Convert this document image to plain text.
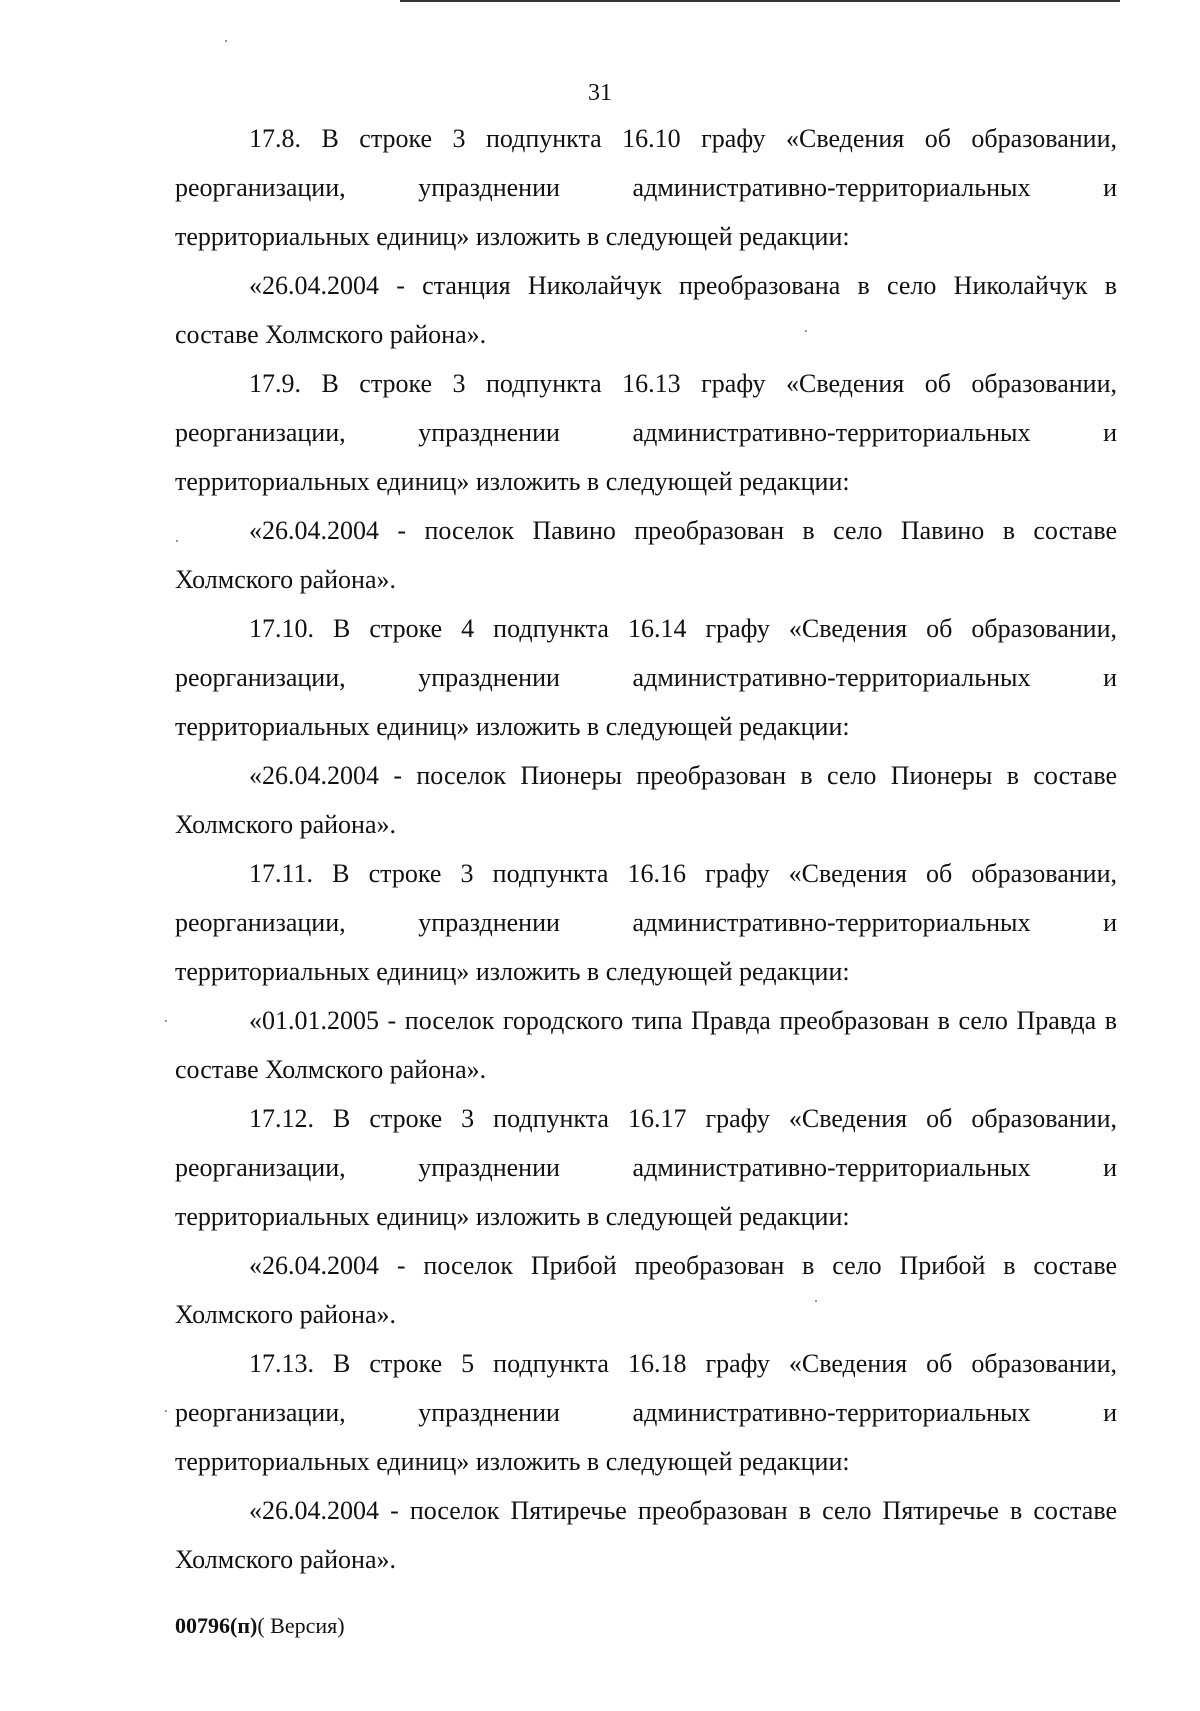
31

17.8. В строке 3 подпункта 16.10 графу «Сведения об образовании, реорганизации, упразднении административно-территориальных и территориальных единиц» изложить в следующей редакции:

«26.04.2004 - станция Николайчук преобразована в село Николайчук в составе Холмского района».

17.9. В строке 3 подпункта 16.13 графу «Сведения об образовании, реорганизации, упразднении административно-территориальных и территориальных единиц» изложить в следующей редакции:

«26.04.2004 - поселок Павино преобразован в село Павино в составе Холмского района».

17.10. В строке 4 подпункта 16.14 графу «Сведения об образовании, реорганизации, упразднении административно-территориальных и территориальных единиц» изложить в следующей редакции:

«26.04.2004 - поселок Пионеры преобразован в село Пионеры в составе Холмского района».

17.11. В строке 3 подпункта 16.16 графу «Сведения об образовании, реорганизации, упразднении административно-территориальных и территориальных единиц» изложить в следующей редакции:

«01.01.2005 - поселок городского типа Правда преобразован в село Правда в составе Холмского района».

17.12. В строке 3 подпункта 16.17 графу «Сведения об образовании, реорганизации, упразднении административно-территориальных и территориальных единиц» изложить в следующей редакции:

«26.04.2004 - поселок Прибой преобразован в село Прибой в составе Холмского района».

17.13. В строке 5 подпункта 16.18 графу «Сведения об образовании, реорганизации, упразднении административно-территориальных и территориальных единиц» изложить в следующей редакции:

«26.04.2004 - поселок Пятиречье преобразован в село Пятиречье в составе Холмского района».

00796(п)( Версия)
